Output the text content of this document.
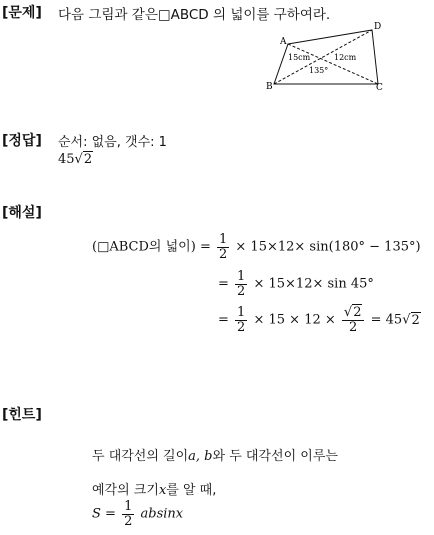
[문제] 다음 그림과 같은□ABCD 의 넓이를 구하여라.
A
D
B	C
15cm	12cm
135°
[정답] 순서: 없음, 갯수: 1
45√2
[해설]
(□ABCD의 넓이) = $\frac{1}{2} \times 15\times 12\times \sin(180^\circ - 135^\circ)$
= $\frac{1}{2} \times 15\times 12\times \sin 45^\circ$
= $\frac{1}{2} \times 15 \times 12 \times \frac{√2}{2} = 45√2$
[힌트]
두 대각선의 길이a, b와 두 대각선이 이루는
예각의 크기x를 알 때,
$S = \frac{1}{2}$ absinx
